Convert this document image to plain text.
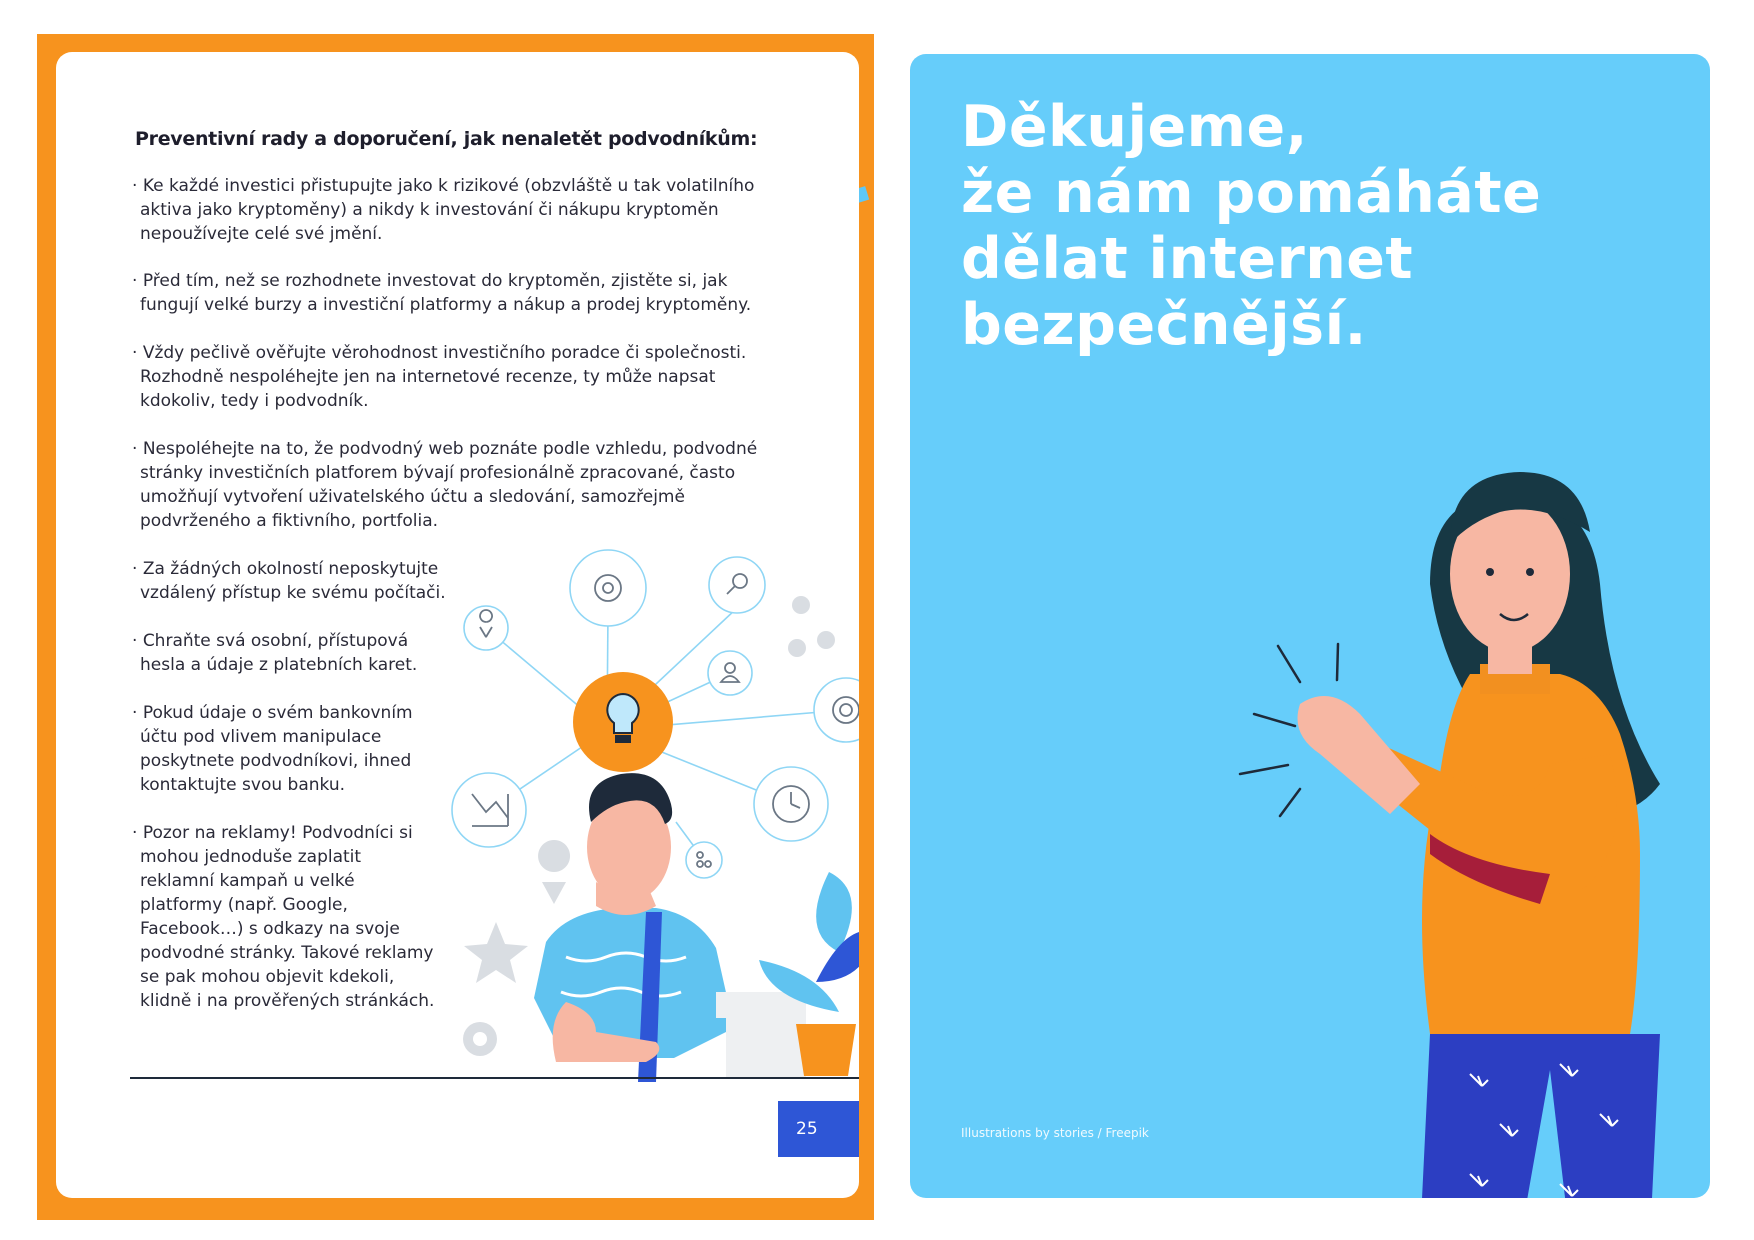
Preventivní rady a doporučení, jak nenaletět podvodníkům:

· Ke každé investici přistupujte jako k rizikové (obzvláště u tak volatilního aktiva jako kryptoměny) a nikdy k investování či nákupu kryptoměn nepoužívejte celé své jmění.

· Před tím, než se rozhodnete investovat do kryptoměn, zjistěte si, jak fungují velké burzy a investiční platformy a nákup a prodej kryptoměny.

· Vždy pečlivě ověřujte věrohodnost investičního poradce či společnosti. Rozhodně nespoléhejte jen na internetové recenze, ty může napsat kdokoliv, tedy i podvodník.

· Nespoléhejte na to, že podvodný web poznáte podle vzhledu, podvodné stránky investičních platforem bývají profesionálně zpracované, často umožňují vytvoření uživatelského účtu a sledování, samozřejmě podvrženého a fiktivního, portfolia.

· Za žádných okolností neposkytujte vzdálený přístup ke svému počítači.

· Chraňte svá osobní, přístupová hesla a údaje z platebních karet.

· Pokud údaje o svém bankovním účtu pod vlivem manipulace poskytnete podvodníkovi, ihned kontaktujte svou banku.

· Pozor na reklamy! Podvodníci si mohou jednoduše zaplatit reklamní kampaň u velké platformy (např. Google, Facebook…) s odkazy na svoje podvodné stránky. Takové reklamy se pak mohou objevit kdekoli, klidně i na prověřených stránkách.

25
Děkujeme,
že nám pomáháte
dělat internet
bezpečnější.
Illustrations by stories / Freepik
